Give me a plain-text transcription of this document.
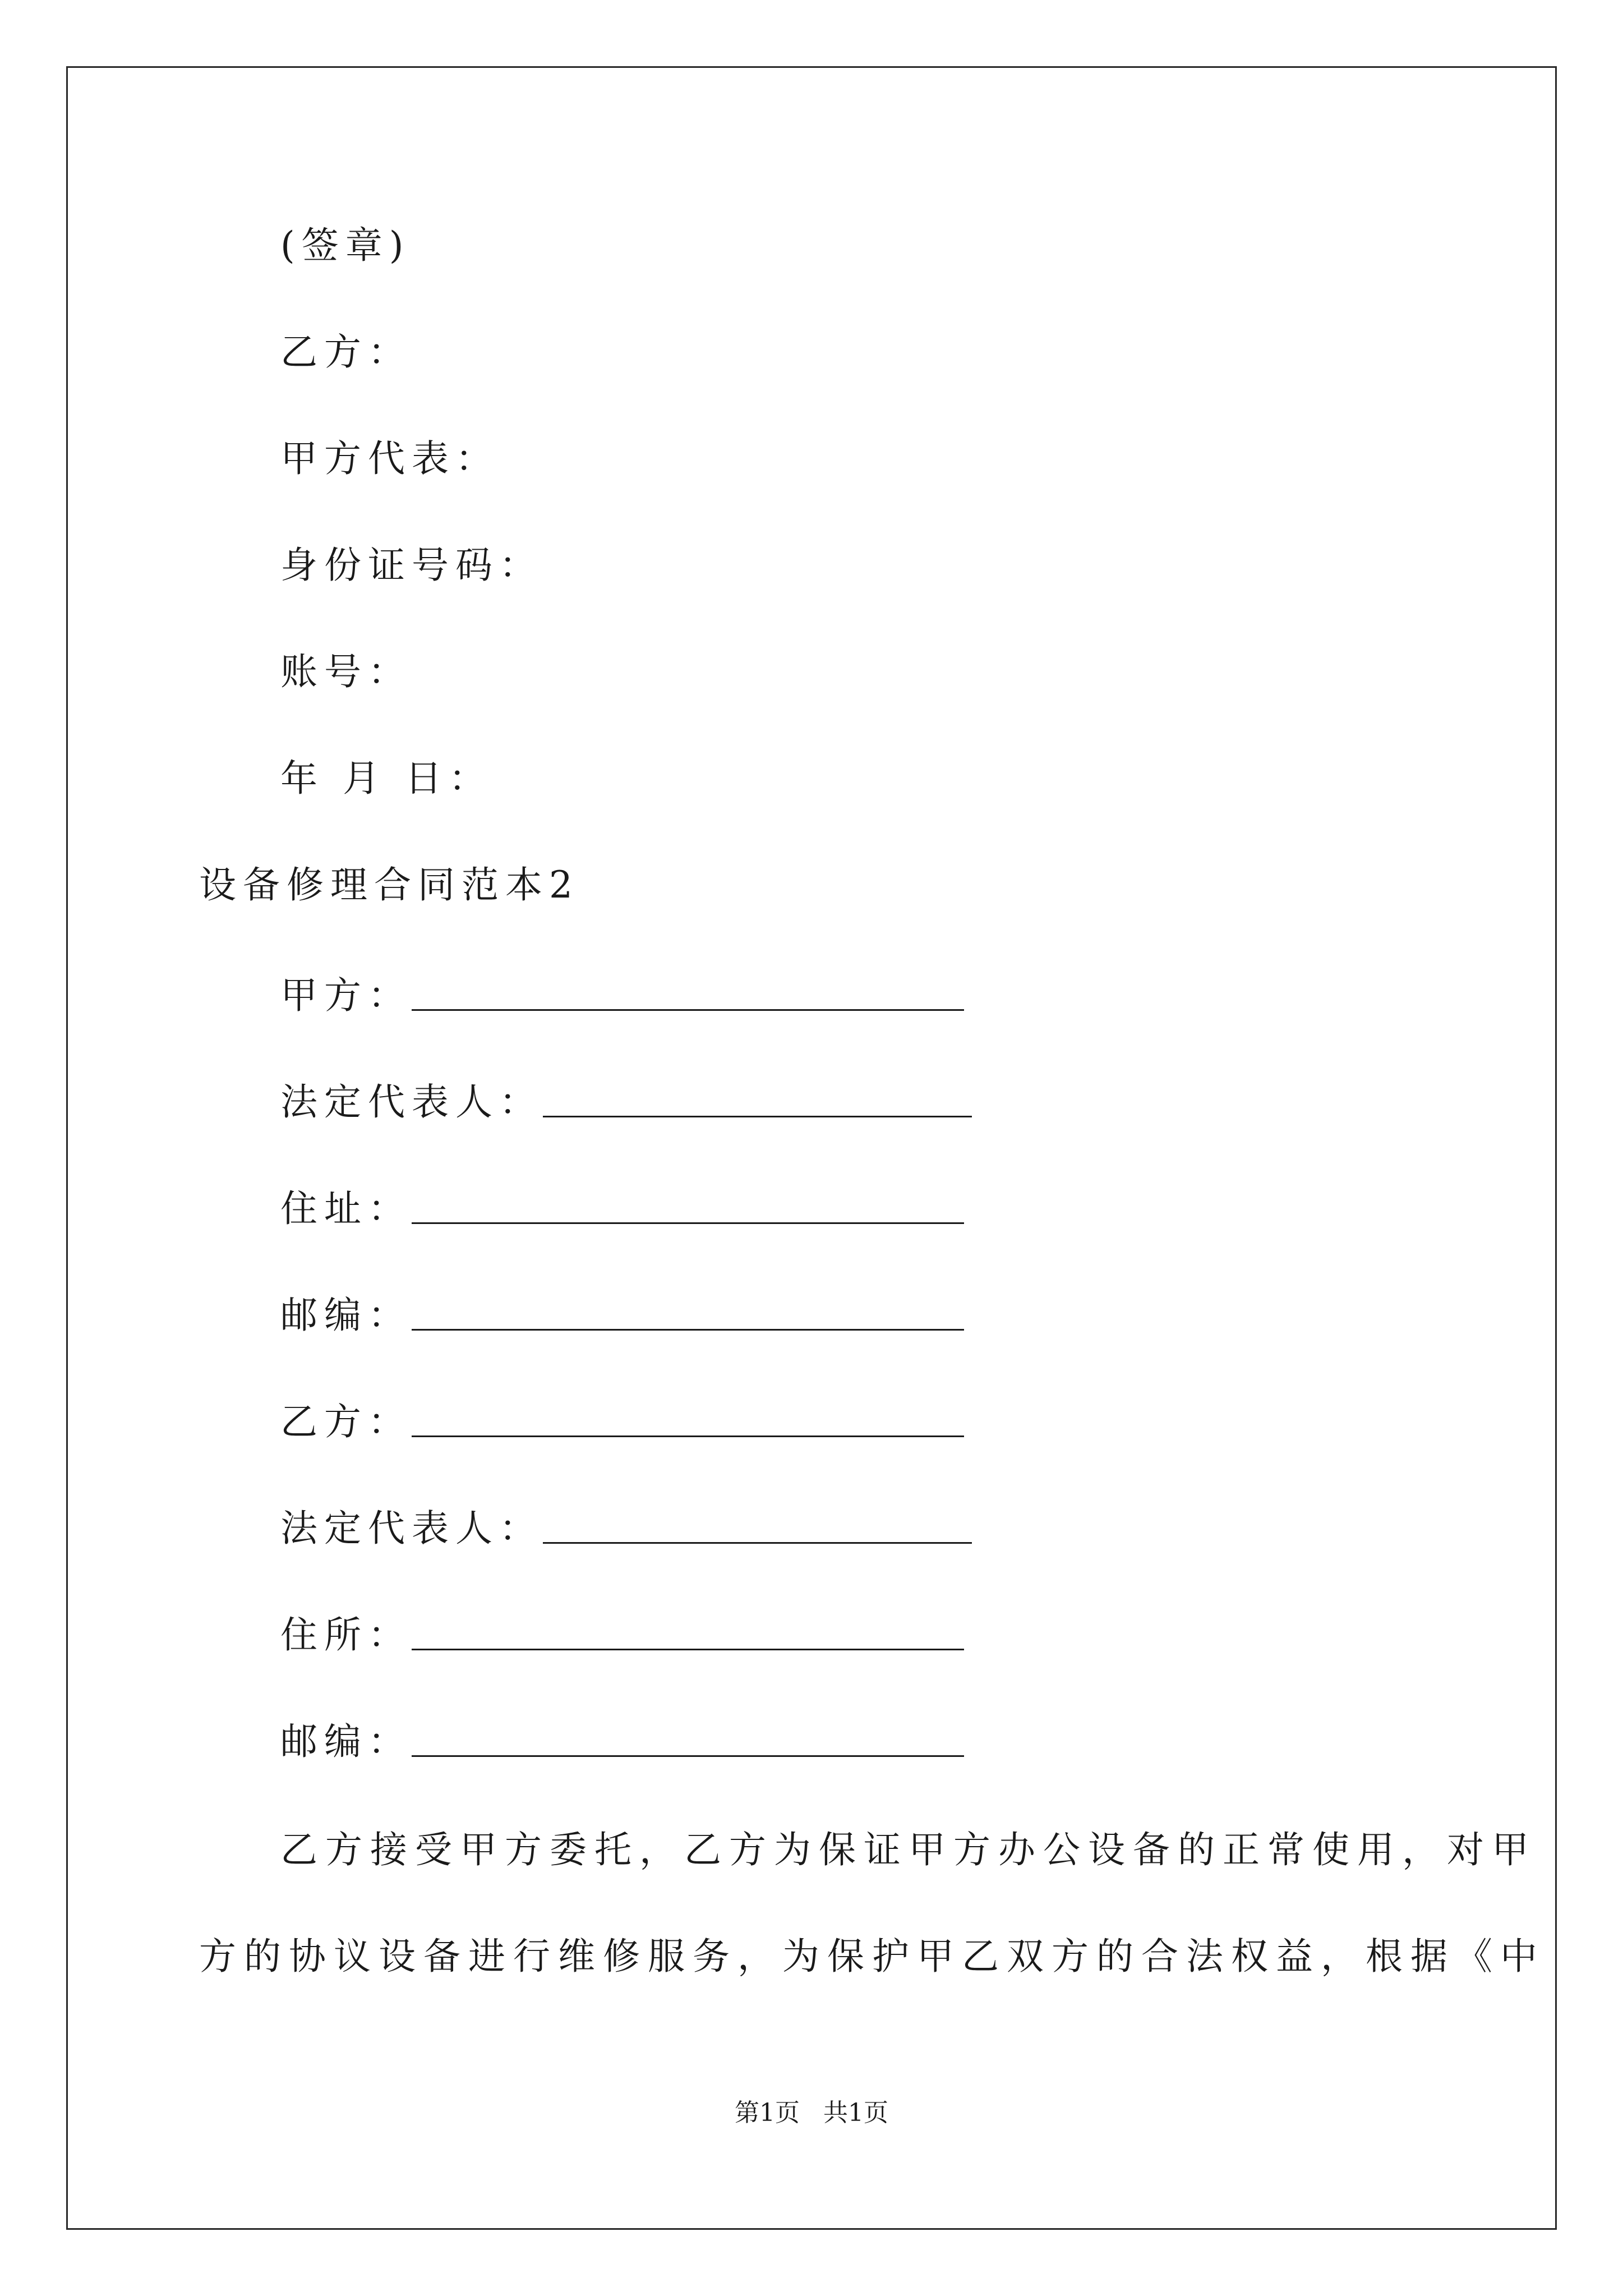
(签章)
乙方：
甲方代表：
身份证号码：
账号：
年 月 日：
设备修理合同范本2
甲方：
法定代表人：
住址：
邮编：
乙方：
法定代表人：
住所：
邮编：
乙方接受甲方委托，乙方为保证甲方办公设备的正常使用，对甲
方的协议设备进行维修服务，为保护甲乙双方的合法权益，根据《中
第1页   共1页
